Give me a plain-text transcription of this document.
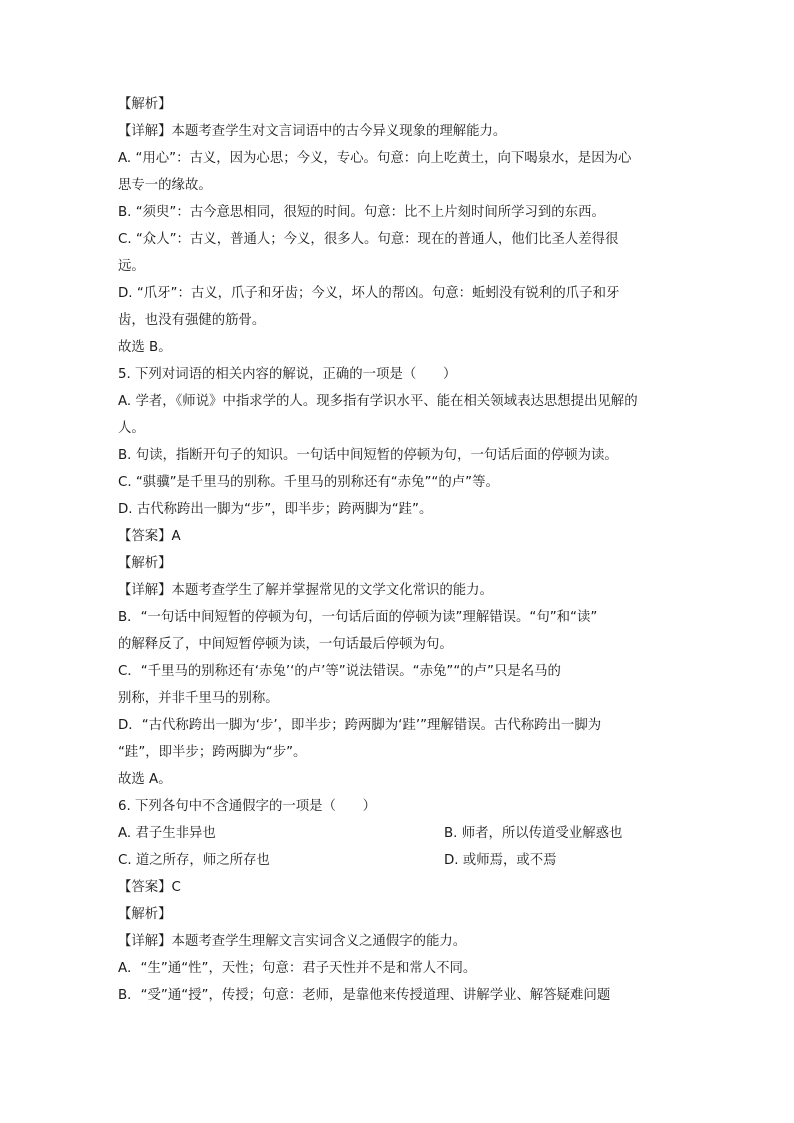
【解析】
【详解】本题考查学生对文言词语中的古今异义现象的理解能力。
A. “用心”：古义，因为心思；今义，专心。句意：向上吃黄土，向下喝泉水，是因为心
思专一的缘故。
B. “须臾”：古今意思相同，很短的时间。句意：比不上片刻时间所学习到的东西。
C. “众人”：古义，普通人；今义，很多人。句意：现在的普通人，他们比圣人差得很
远。
D. “爪牙”：古义，爪子和牙齿；今义，坏人的帮凶。句意：蚯蚓没有锐利的爪子和牙
齿，也没有强健的筋骨。
故选 B。
5. 下列对词语的相关内容的解说，正确的一项是（　　）
A. 学者，《师说》中指求学的人。现多指有学识水平、能在相关领域表达思想提出见解的
人。
B. 句读，指断开句子的知识。一句话中间短暂的停顿为句，一句话后面的停顿为读。
C. “骐骥”是千里马的别称。千里马的别称还有“赤兔”“的卢”等。
D. 古代称跨出一脚为“步”，即半步；跨两脚为“跬”。
【答案】A
【解析】
【详解】本题考查学生了解并掌握常见的文学文化常识的能力。
B．“一句话中间短暂的停顿为句，一句话后面的停顿为读”理解错误。“句”和“读”
的解释反了，中间短暂停顿为读，一句话最后停顿为句。
C．“千里马的别称还有‘赤兔’‘的卢’等”说法错误。“赤兔”“的卢”只是名马的
别称，并非千里马的别称。
D．“古代称跨出一脚为‘步’，即半步；跨两脚为‘跬’”理解错误。古代称跨出一脚为
“跬”，即半步；跨两脚为“步”。
故选 A。
6. 下列各句中不含通假字的一项是（　　）
A. 君子生非异也	B. 师者，所以传道受业解惑也
C. 道之所存，师之所存也	D. 或师焉，或不焉
【答案】C
【解析】
【详解】本题考查学生理解文言实词含义之通假字的能力。
A．“生”通“性”，天性；句意：君子天性并不是和常人不同。
B．“受”通“授”，传授；句意：老师，是靠他来传授道理、讲解学业、解答疑难问题
